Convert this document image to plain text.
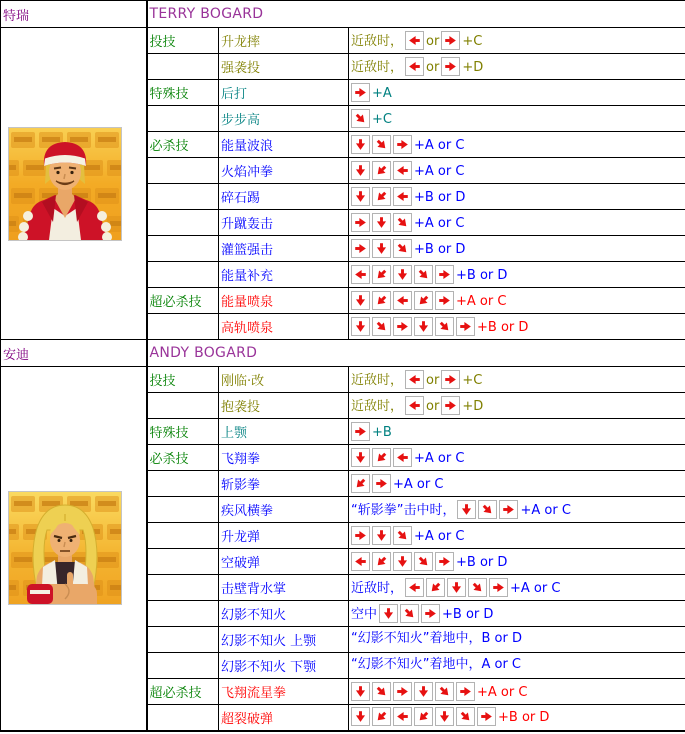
特瑞	TERRY BOGARD		

	投技	升龙摔	近敌时， or +C

		强袭投	近敌时， or +D

	特殊技	后打	+A

		步步高	+C

	必杀技	能量波浪	+A or C

		火焰冲拳	+A or C

		碎石踢	+B or D

		升蹴轰击	+A or C

		灌篮强击	+B or D

		能量补充	+B or D

	超必杀技	能量喷泉	+A or C

		高轨喷泉	+B or D

安迪	ANDY BOGARD		

	投技	刚临·改	近敌时， or +C

		抱袭投	近敌时， or +D

	特殊技	上颚	+B

	必杀技	飞翔拳	+A or C

		斩影拳	+A or C

		疾风横拳	“斩影拳”击中时， +A or C

		升龙弹	+A or C

		空破弹	+B or D

		击壁背水掌	近敌时， +A or C

		幻影不知火	空中 +B or D

		幻影不知火 上颚	“幻影不知火”着地中，B or D

		幻影不知火 下颚	“幻影不知火”着地中，A or C

	超必杀技	飞翔流星拳	+A or C

		超裂破弹	+B or D
